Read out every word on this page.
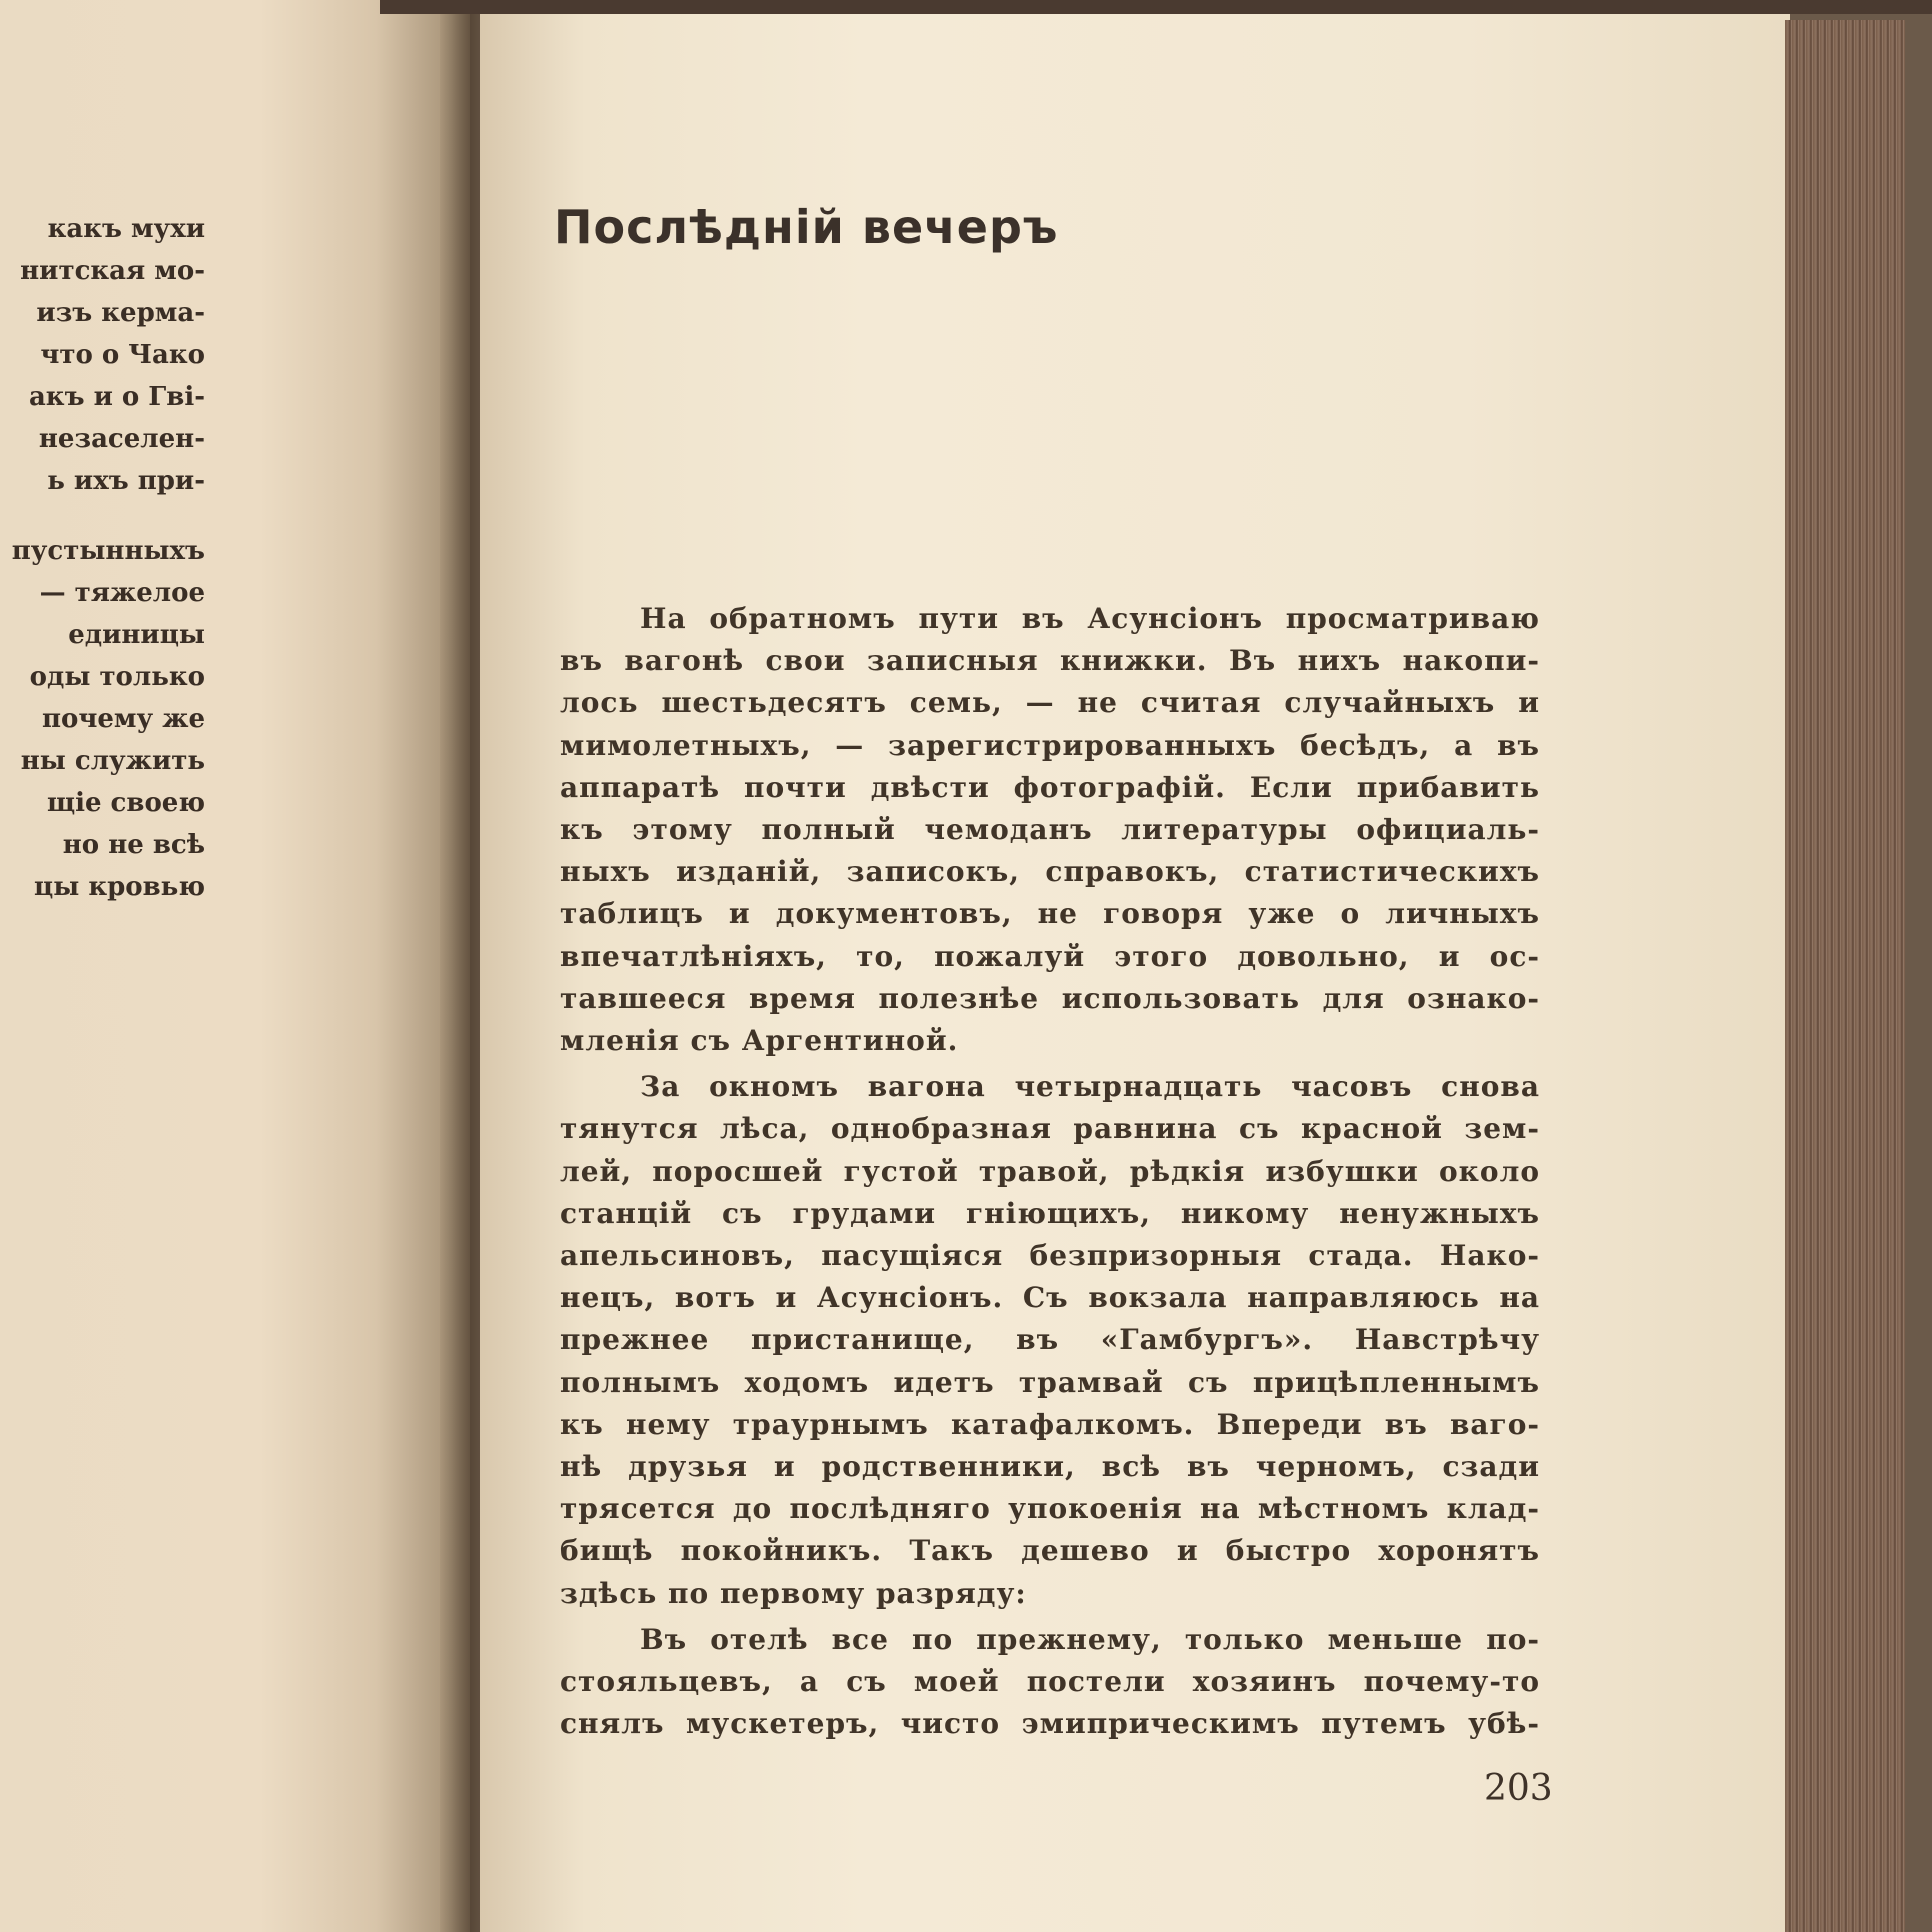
какъ мухи
нитская мо-
изъ керма-
что о Чако
акъ и о Гві-
незаселен-
ь ихъ при-
пустынныхъ
— тяжелое
единицы
оды только
почему же
ны служить
щіе своею
но не всѣ
цы кровью
Послѣдній вечеръ
На обратномъ пути въ Асунсіонъ просматриваю
въ вагонѣ свои записныя книжки. Въ нихъ накопи-
лось шестьдесятъ семь, — не считая случайныхъ и
мимолетныхъ, — зарегистрированныхъ бесѣдъ, а въ
аппаратѣ почти двѣсти фотографій. Если прибавить
къ этому полный чемоданъ литературы официаль-
ныхъ изданій, записокъ, справокъ, статистическихъ
таблицъ и документовъ, не говоря уже о личныхъ
впечатлѣніяхъ, то, пожалуй этого довольно, и ос-
тавшееся время полезнѣе использовать для ознако-
мленія съ Аргентиной.
За окномъ вагона четырнадцать часовъ снова
тянутся лѣса, однобразная равнина съ красной зем-
лей, поросшей густой травой, рѣдкія избушки около
станцій съ грудами гніющихъ, никому ненужныхъ
апельсиновъ, пасущіяся безпризорныя стада. Нако-
нецъ, вотъ и Асунсіонъ. Съ вокзала направляюсь на
прежнее пристанище, въ «Гамбургъ». Навстрѣчу
полнымъ ходомъ идетъ трамвай съ прицѣпленнымъ
къ нему траурнымъ катафалкомъ. Впереди въ ваго-
нѣ друзья и родственники, всѣ въ черномъ, сзади
трясется до послѣдняго упокоенія на мѣстномъ клад-
бищѣ покойникъ. Такъ дешево и быстро хоронятъ
здѣсь по первому разряду:
Въ отелѣ все по прежнему, только меньше по-
стояльцевъ, а съ моей постели хозяинъ почему-то
снялъ мускетеръ, чисто эмиприческимъ путемъ убѣ-
203
